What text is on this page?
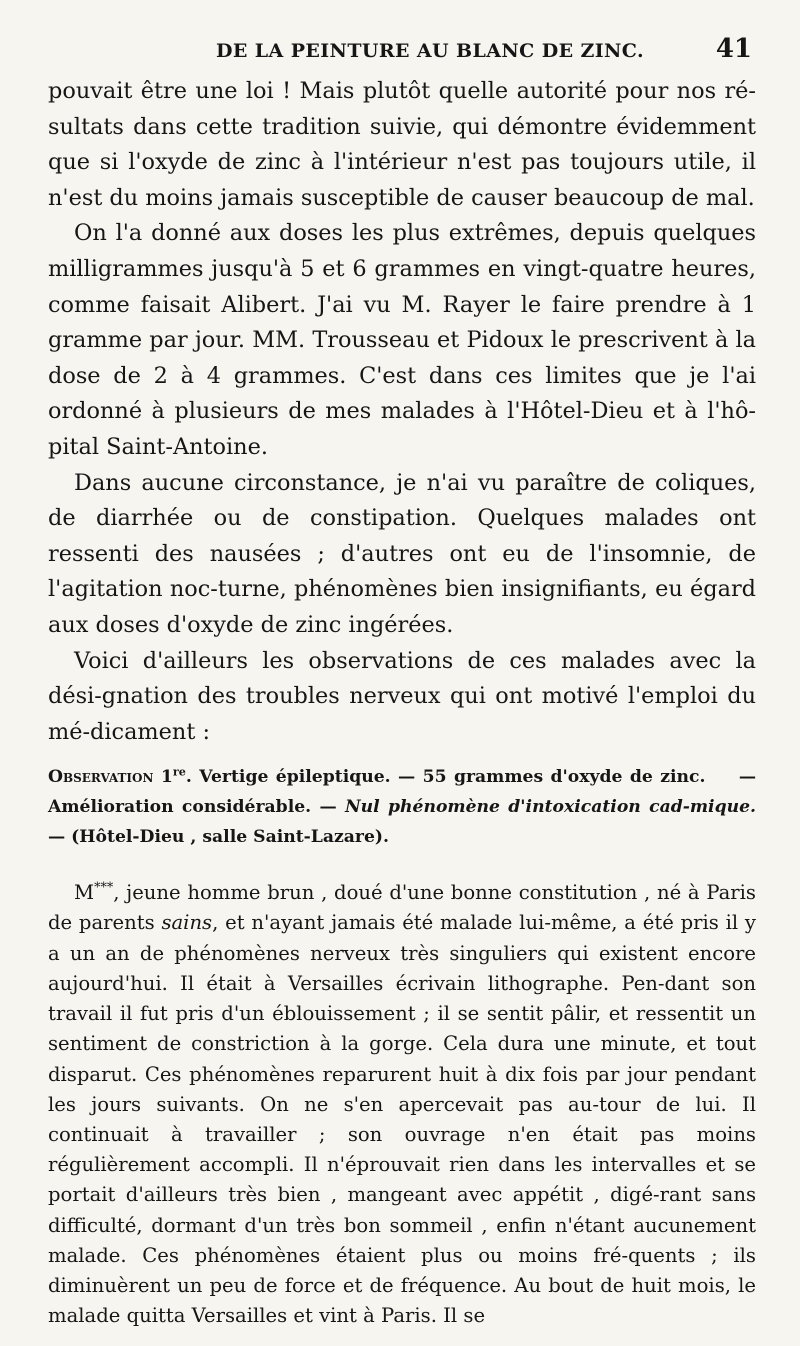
DE LA PEINTURE AU BLANC DE ZINC.	41

pouvait être une loi ! Mais plutôt quelle autorité pour nos ré-sultats dans cette tradition suivie, qui démontre évidemment que si l'oxyde de zinc à l'intérieur n'est pas toujours utile, il n'est du moins jamais susceptible de causer beaucoup de mal.

On l'a donné aux doses les plus extrêmes, depuis quelques milligrammes jusqu'à 5 et 6 grammes en vingt-quatre heures, comme faisait Alibert. J'ai vu M. Rayer le faire prendre à 1 gramme par jour. MM. Trousseau et Pidoux le prescrivent à la dose de 2 à 4 grammes. C'est dans ces limites que je l'ai ordonné à plusieurs de mes malades à l'Hôtel-Dieu et à l'hô-pital Saint-Antoine.

Dans aucune circonstance, je n'ai vu paraître de coliques, de diarrhée ou de constipation. Quelques malades ont ressenti des nausées ; d'autres ont eu de l'insomnie, de l'agitation noc-turne, phénomènes bien insignifiants, eu égard aux doses d'oxyde de zinc ingérées.

Voici d'ailleurs les observations de ces malades avec la dési-gnation des troubles nerveux qui ont motivé l'emploi du mé-dicament :

Observation 1re. Vertige épileptique. — 55 grammes d'oxyde de zinc. — Amélioration considérable. — Nul phénomène d'intoxication cad-mique. — (Hôtel-Dieu , salle Saint-Lazare).

M***, jeune homme brun , doué d'une bonne constitution , né à Paris de parents sains, et n'ayant jamais été malade lui-même, a été pris il y a un an de phénomènes nerveux très singuliers qui existent encore aujourd'hui. Il était à Versailles écrivain lithographe. Pen-dant son travail il fut pris d'un éblouissement ; il se sentit pâlir, et ressentit un sentiment de constriction à la gorge. Cela dura une minute, et tout disparut. Ces phénomènes reparurent huit à dix fois par jour pendant les jours suivants. On ne s'en apercevait pas au-tour de lui. Il continuait à travailler ; son ouvrage n'en était pas moins régulièrement accompli. Il n'éprouvait rien dans les intervalles et se portait d'ailleurs très bien , mangeant avec appétit , digé-rant sans difficulté, dormant d'un très bon sommeil , enfin n'étant aucunement malade. Ces phénomènes étaient plus ou moins fré-quents ; ils diminuèrent un peu de force et de fréquence. Au bout de huit mois, le malade quitta Versailles et vint à Paris. Il se
